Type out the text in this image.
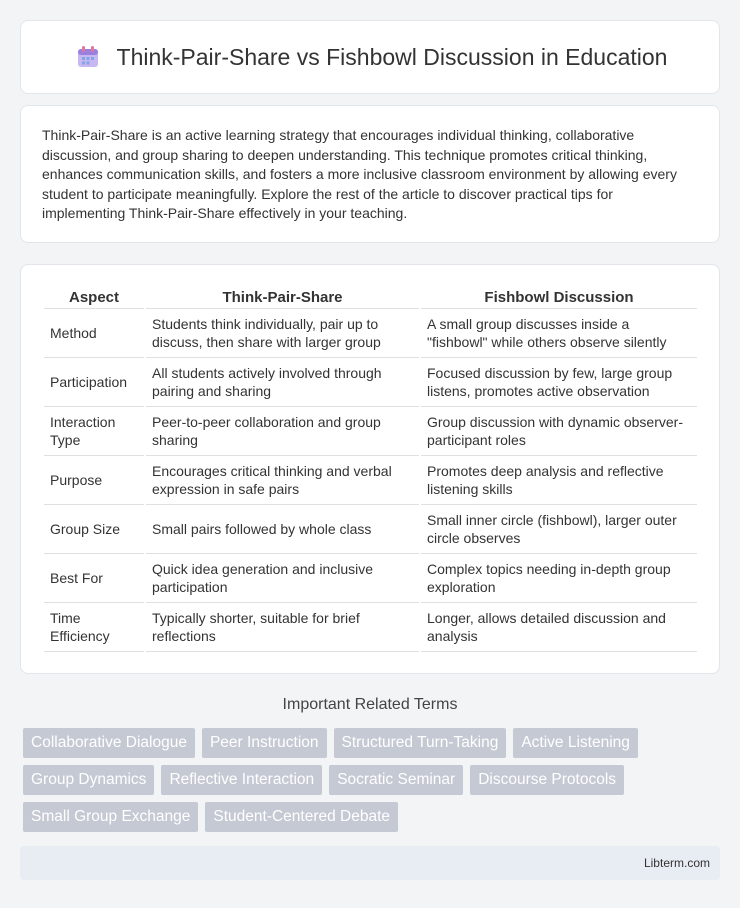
Think-Pair-Share vs Fishbowl Discussion in Education

Think-Pair-Share is an active learning strategy that encourages individual thinking, collaborative discussion, and group sharing to deepen understanding. This technique promotes critical thinking, enhances communication skills, and fosters a more inclusive classroom environment by allowing every student to participate meaningfully. Explore the rest of the article to discover practical tips for implementing Think-Pair-Share effectively in your teaching.

Aspect	Think-Pair-Share	Fishbowl Discussion
Method	Students think individually, pair up to discuss, then share with larger group	A small group discusses inside a "fishbowl" while others observe silently
Participation	All students actively involved through pairing and sharing	Focused discussion by few, large group listens, promotes active observation
Interaction Type	Peer-to-peer collaboration and group sharing	Group discussion with dynamic observer-participant roles
Purpose	Encourages critical thinking and verbal expression in safe pairs	Promotes deep analysis and reflective listening skills
Group Size	Small pairs followed by whole class	Small inner circle (fishbowl), larger outer circle observes
Best For	Quick idea generation and inclusive participation	Complex topics needing in-depth group exploration
Time Efficiency	Typically shorter, suitable for brief reflections	Longer, allows detailed discussion and analysis
Important Related Terms
Collaborative Dialogue	Peer Instruction	Structured Turn-Taking	Active Listening
Group Dynamics	Reflective Interaction	Socratic Seminar	Discourse Protocols
Small Group Exchange	Student-Centered Debate
Libterm.com
